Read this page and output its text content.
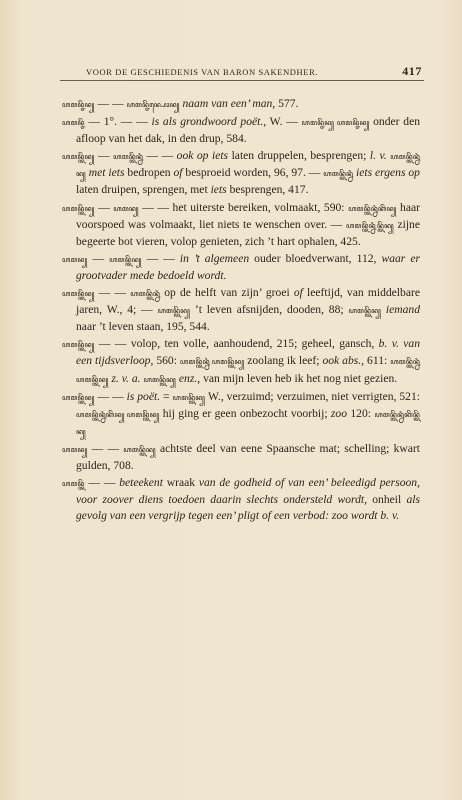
VOOR DE GESCHIEDENIS VAN BARON SAKENDHER.	417

ꦲꦩꦤ꧀ꦗꦼꦤ꧀ — — ꦲꦩꦤ꧀ꦗꦼꦤ꧀ꦥꦺꦴꦤ꧀ naam van een’ man, 577.

ꦲꦩꦤ꧀ꦗꦼ — 1°. — — is als grondwoord poët., W. — ꦲꦩꦤ꧀ꦗꦼꦤ꧀ ꦲꦩꦤ꧀ꦗꦼꦤ꧀ onder den afloop van het dak, in den drup, 584.

ꦲꦩꦤ꧀ꦠꦼꦤ꧀ — ꦲꦩꦤ꧀ꦠꦼꦤ꧀ꦤꦶ — — ook op iets laten druppelen, besprengen; l. v. ꦲꦩꦤ꧀ꦠꦼꦤ꧀ꦤꦶꦤ꧀ met iets bedropen of besproeid worden, 96, 97. — ꦲꦩꦤ꧀ꦠꦼꦤ꧀ꦤꦶ iets ergens op laten druipen, sprengen, met iets besprengen, 417.

ꦲꦩꦤ꧀ꦠꦼꦤ꧀ — ꦲꦩꦤ꧀ — — het uiterste bereiken, volmaakt, 590: ꦲꦩꦤ꧀ꦠꦼꦤ꧀ꦤꦶꦏꦼꦤ꧀ haar voorspoed was volmaakt, liet niets te wenschen over. — ꦲꦩꦤ꧀ꦠꦼꦤ꧀ꦤꦶꦤ꧀ꦠꦼꦤ꧀ zijne begeerte bot vieren, volop genieten, zich ’t hart ophalen, 425.

ꦲꦩꦤ꧀ — ꦲꦩꦤ꧀ꦠꦼꦤ꧀ — — in ’t algemeen ouder bloedverwant, 112, waar er grootvader mede bedoeld wordt.

ꦲꦩꦤ꧀ꦠꦼꦤ꧀ — — ꦲꦩꦤ꧀ꦠꦼꦤ꧀ꦤꦶ op de helft van zijn’ groei of leeftijd, van middelbare jaren, W., 4; — ꦲꦩꦤ꧀ꦠꦼꦤ꧀ ’t leven afsnijden, dooden, 88; ꦲꦩꦤ꧀ꦠꦼꦤ꧀ iemand naar ’t leven staan, 195, 544.

ꦲꦩꦤ꧀ꦠꦼꦤ꧀ — — volop, ten volle, aanhoudend, 215; geheel, gansch, b. v. van een tijdsverloop, 560: ꦲꦩꦤ꧀ꦠꦼꦤ꧀ꦤꦶ ꦲꦩꦤ꧀ꦠꦼꦤ꧀ zoolang ik leef; ook abs., 611: ꦲꦩꦤ꧀ꦠꦼꦤ꧀ꦤꦶ ꦲꦩꦤ꧀ꦠꦼꦤ꧀ z. v. a. ꦲꦩꦤ꧀ꦠꦼꦤ꧀ enz., van mijn leven heb ik het nog niet gezien.

ꦲꦩꦤ꧀ꦠꦼꦤ꧀ — — is poët. = ꦲꦩꦤ꧀ꦠꦼꦤ꧀ W., verzuimd; verzuimen, niet verrigten, 521: ꦲꦩꦤ꧀ꦠꦼꦤ꧀ꦤꦶꦏꦼꦤ꧀ ꦲꦩꦤ꧀ꦠꦼꦤ꧀ hij ging er geen onbezocht voorbij; zoo 120: ꦲꦩꦤ꧀ꦠꦼꦤ꧀ꦤꦶꦏꦼꦤ꧀ꦠꦼꦤ꧀

ꦲꦩꦤ꧀ — — ꦲꦩꦤ꧀ꦠꦼꦤ꧀ achtste deel van eene Spaansche mat; schelling; kwart gulden, 708.

ꦲꦩꦤ꧀ꦠꦼ — — beteekent wraak van de godheid of van een’ beleedigd persoon, voor zoover diens toedoen daarin slechts ondersteld wordt, onheil als gevolg van een vergrijp tegen een’ pligt of een verbod: zoo wordt b. v.
